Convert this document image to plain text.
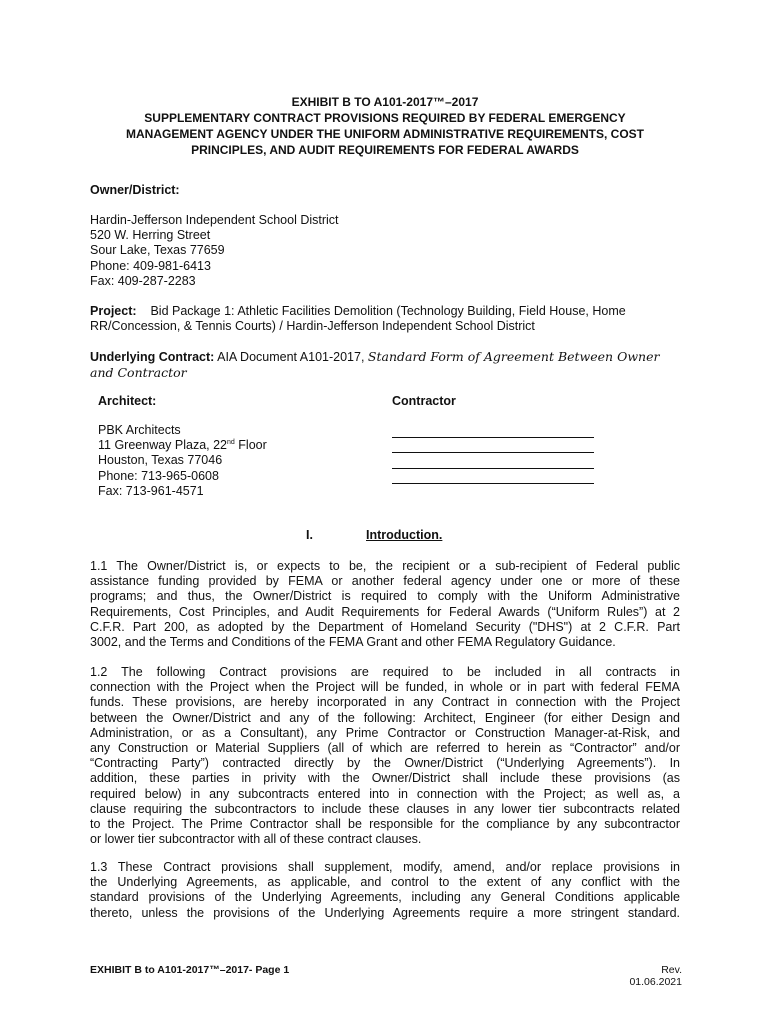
EXHIBIT B TO A101-2017™–2017
SUPPLEMENTARY CONTRACT PROVISIONS REQUIRED BY FEDERAL EMERGENCY
MANAGEMENT AGENCY UNDER THE UNIFORM ADMINISTRATIVE REQUIREMENTS, COST
PRINCIPLES, AND AUDIT REQUIREMENTS FOR FEDERAL AWARDS
Owner/District:
Hardin-Jefferson Independent School District
520 W. Herring Street
Sour Lake, Texas 77659
Phone: 409-981-6413
Fax: 409-287-2283
Project: Bid Package 1: Athletic Facilities Demolition (Technology Building, Field House, Home
RR/Concession, & Tennis Courts) / Hardin-Jefferson Independent School District
Underlying Contract: AIA Document A101-2017, Standard Form of Agreement Between Owner
and Contractor
Architect:
PBK Architects
11 Greenway Plaza, 22nd Floor
Houston, Texas 77046
Phone: 713-965-0608
Fax: 713-961-4571
Contractor
I.	Introduction.
1.1 The Owner/District is, or expects to be, the recipient or a sub-recipient of Federal public
assistance funding provided by FEMA or another federal agency under one or more of these
programs; and thus, the Owner/District is required to comply with the Uniform Administrative
Requirements, Cost Principles, and Audit Requirements for Federal Awards (“Uniform Rules”) at 2
C.F.R. Part 200, as adopted by the Department of Homeland Security ("DHS") at 2 C.F.R. Part
3002, and the Terms and Conditions of the FEMA Grant and other FEMA Regulatory Guidance.
1.2 The following Contract provisions are required to be included in all contracts in
connection with the Project when the Project will be funded, in whole or in part with federal FEMA
funds. These provisions, are hereby incorporated in any Contract in connection with the Project
between the Owner/District and any of the following: Architect, Engineer (for either Design and
Administration, or as a Consultant), any Prime Contractor or Construction Manager-at-Risk, and
any Construction or Material Suppliers (all of which are referred to herein as “Contractor” and/or
“Contracting Party”) contracted directly by the Owner/District (“Underlying Agreements”). In
addition, these parties in privity with the Owner/District shall include these provisions (as
required below) in any subcontracts entered into in connection with the Project; as well as, a
clause requiring the subcontractors to include these clauses in any lower tier subcontracts related
to the Project. The Prime Contractor shall be responsible for the compliance by any subcontractor
or lower tier subcontractor with all of these contract clauses.
1.3 These Contract provisions shall supplement, modify, amend, and/or replace provisions in
the Underlying Agreements, as applicable, and control to the extent of any conflict with the
standard provisions of the Underlying Agreements, including any General Conditions applicable
thereto, unless the provisions of the Underlying Agreements require a more stringent standard.
EXHIBIT B to A101-2017™–2017- Page 1	Rev. 01.06.2021
